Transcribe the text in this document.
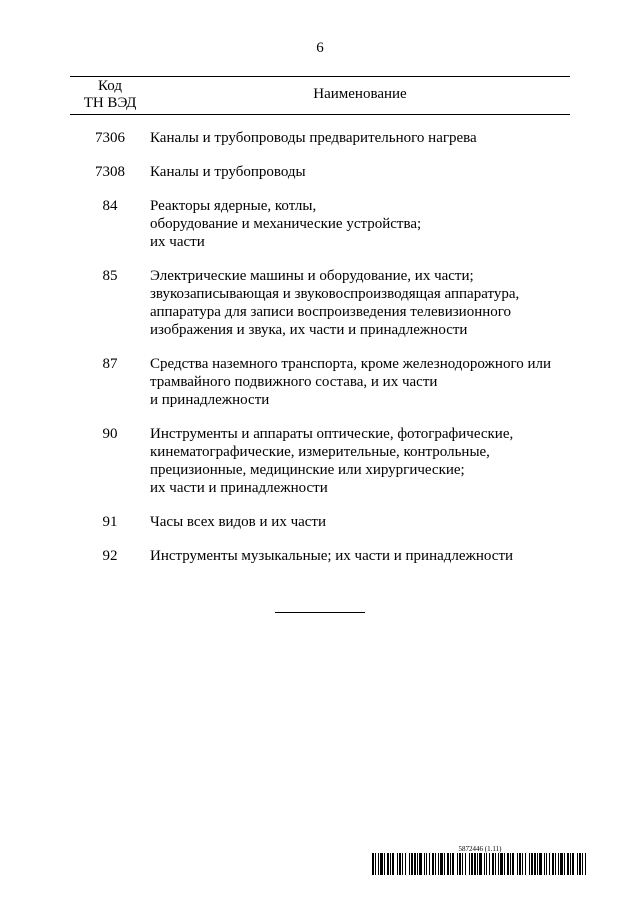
6
Код
ТН ВЭД
Наименование
7306	Каналы и трубопроводы предварительного нагрева
7308	Каналы и трубопроводы
84	Реакторы ядерные, котлы,
оборудование и механические устройства;
их части
85	Электрические машины и оборудование, их части;
звукозаписывающая и звуковоспроизводящая аппаратура,
аппаратура для записи воспроизведения телевизионного
изображения и звука, их части и принадлежности
87	Средства наземного транспорта, кроме железнодорожного или
трамвайного подвижного состава, и их части
и принадлежности
90	Инструменты и аппараты оптические, фотографические,
кинематографические, измерительные, контрольные,
прецизионные, медицинские или хирургические;
их части и принадлежности
91	Часы всех видов и их части
92	Инструменты музыкальные; их части и принадлежности
5872446 (1.11)
